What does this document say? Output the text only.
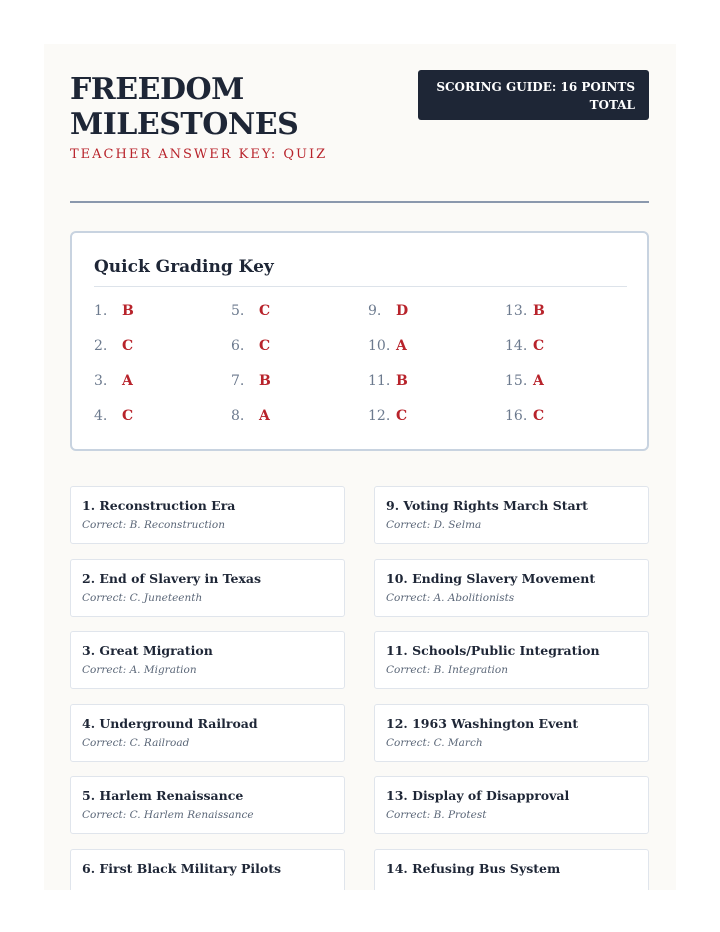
FREEDOM
MILESTONES
TEACHER ANSWER KEY: QUIZ
SCORING GUIDE: 16 POINTS
TOTAL
Quick Grading Key
1. B
2. C
3. A
4. C
5. C
6. C
7. B
8. A
9. D
10. A
11. B
12. C
13. B
14. C
15. A
16. C
1. Reconstruction Era
Correct: B. Reconstruction
2. End of Slavery in Texas
Correct: C. Juneteenth
3. Great Migration
Correct: A. Migration
4. Underground Railroad
Correct: C. Railroad
5. Harlem Renaissance
Correct: C. Harlem Renaissance
6. First Black Military Pilots
9. Voting Rights March Start
Correct: D. Selma
10. Ending Slavery Movement
Correct: A. Abolitionists
11. Schools/Public Integration
Correct: B. Integration
12. 1963 Washington Event
Correct: C. March
13. Display of Disapproval
Correct: B. Protest
14. Refusing Bus System
